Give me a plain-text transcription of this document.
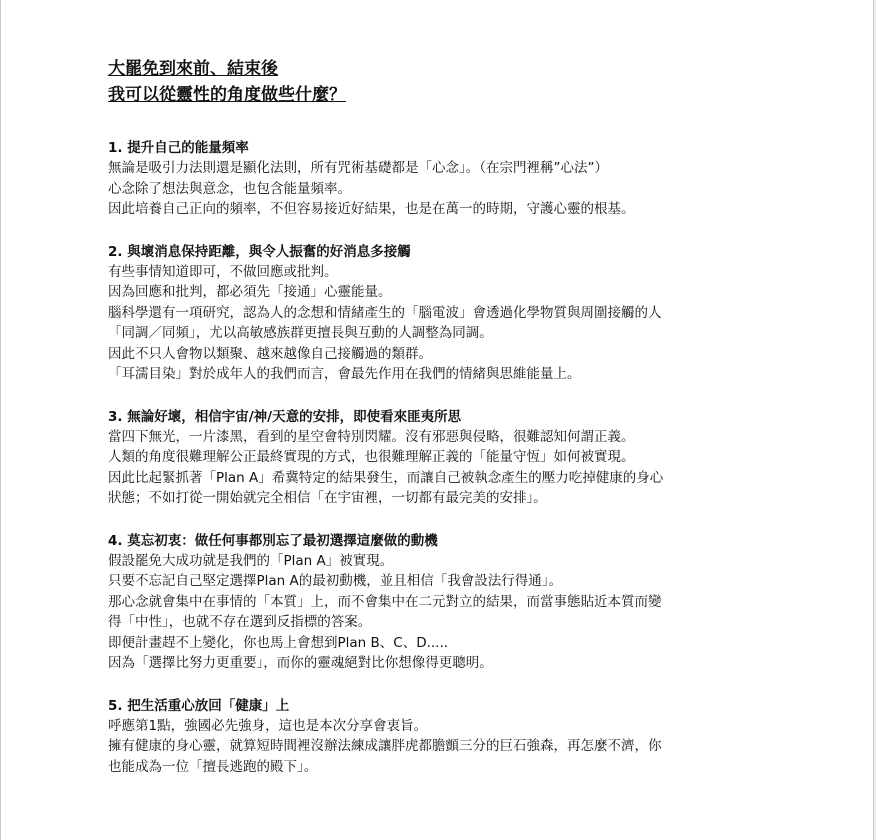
大罷免到來前、結束後
我可以從靈性的角度做些什麼？
1. 提升自己的能量頻率
無論是吸引力法則還是顯化法則，所有咒術基礎都是「心念」。（在宗門裡稱”心法”）
心念除了想法與意念，也包含能量頻率。
因此培養自己正向的頻率，不但容易接近好結果，也是在萬一的時期，守護心靈的根基。
2. 與壞消息保持距離，與令人振奮的好消息多接觸
有些事情知道即可，不做回應或批判。
因為回應和批判，都必須先「接通」心靈能量。
腦科學還有一項研究，認為人的念想和情緒產生的「腦電波」會透過化學物質與周圍接觸的人
「同調／同頻」，尤以高敏感族群更擅長與互動的人調整為同調。
因此不只人會物以類聚、越來越像自己接觸過的類群。
「耳濡目染」對於成年人的我們而言，會最先作用在我們的情緒與思維能量上。
3. 無論好壞，相信宇宙/神/天意的安排，即使看來匪夷所思
當四下無光，一片漆黑，看到的星空會特別閃耀。沒有邪惡與侵略，很難認知何謂正義。
人類的角度很難理解公正最終實現的方式，也很難理解正義的「能量守恆」如何被實現。
因此比起緊抓著「Plan A」希冀特定的結果發生，而讓自己被執念產生的壓力吃掉健康的身心
狀態；不如打從一開始就完全相信「在宇宙裡，一切都有最完美的安排」。
4. 莫忘初衷：做任何事都別忘了最初選擇這麼做的動機
假設罷免大成功就是我們的「Plan A」被實現。
只要不忘記自己堅定選擇Plan A的最初動機，並且相信「我會設法行得通」。
那心念就會集中在事情的「本質」上，而不會集中在二元對立的結果，而當事態貼近本質而變
得「中性」，也就不存在選到反指標的答案。
即便計畫趕不上變化，你也馬上會想到Plan B、C、D.....
因為「選擇比努力更重要」，而你的靈魂絕對比你想像得更聰明。
5. 把生活重心放回「健康」上
呼應第1點，強國必先強身，這也是本次分享會衷旨。
擁有健康的身心靈，就算短時間裡沒辦法練成讓胖虎都膽顫三分的巨石強森，再怎麼不濟，你
也能成為一位「擅長逃跑的殿下」。
